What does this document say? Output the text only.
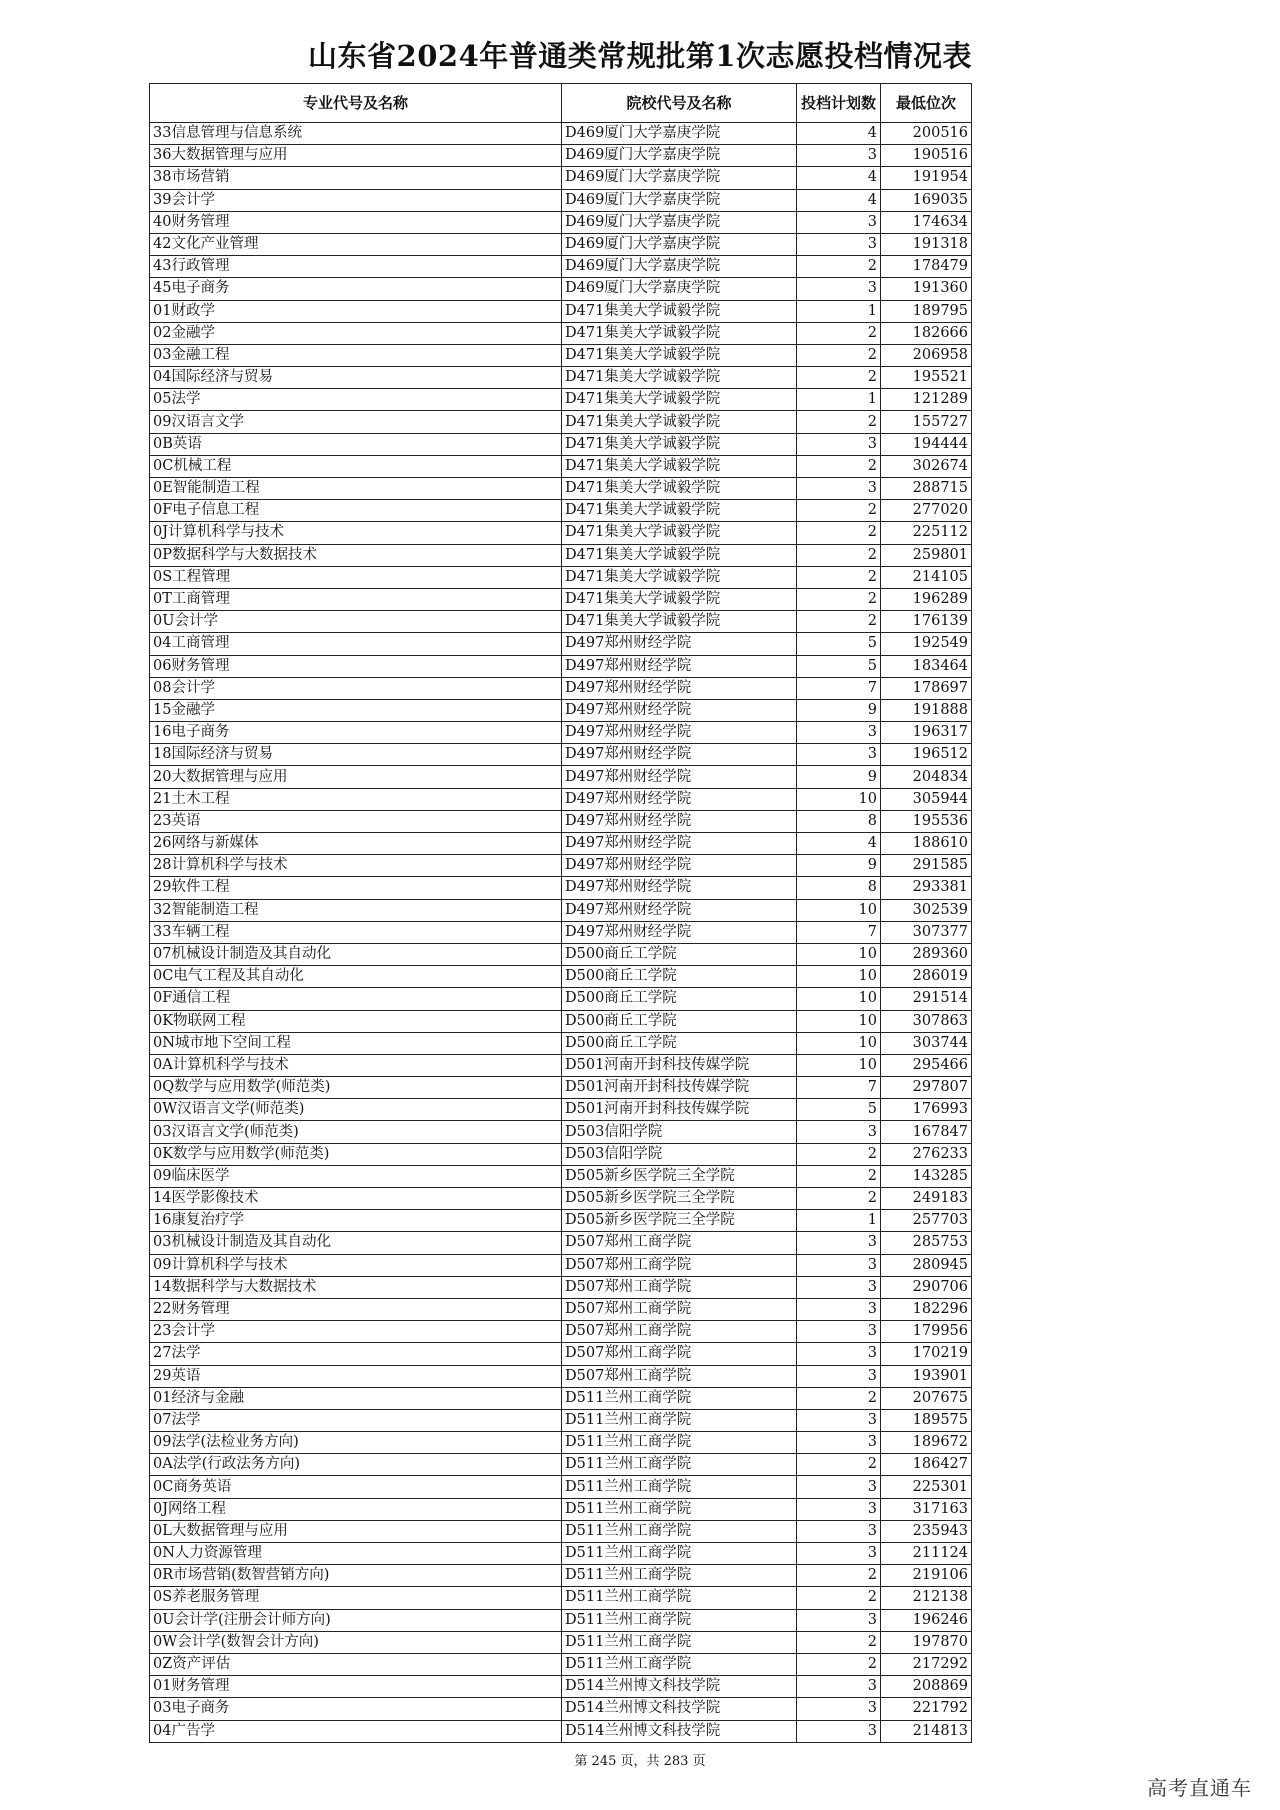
山东省2024年普通类常规批第1次志愿投档情况表
专业代号及名称	院校代号及名称	投档计划数	最低位次
33信息管理与信息系统	D469厦门大学嘉庚学院	4	200516
36大数据管理与应用	D469厦门大学嘉庚学院	3	190516
38市场营销	D469厦门大学嘉庚学院	4	191954
39会计学	D469厦门大学嘉庚学院	4	169035
40财务管理	D469厦门大学嘉庚学院	3	174634
42文化产业管理	D469厦门大学嘉庚学院	3	191318
43行政管理	D469厦门大学嘉庚学院	2	178479
45电子商务	D469厦门大学嘉庚学院	3	191360
01财政学	D471集美大学诚毅学院	1	189795
02金融学	D471集美大学诚毅学院	2	182666
03金融工程	D471集美大学诚毅学院	2	206958
04国际经济与贸易	D471集美大学诚毅学院	2	195521
05法学	D471集美大学诚毅学院	1	121289
09汉语言文学	D471集美大学诚毅学院	2	155727
0B英语	D471集美大学诚毅学院	3	194444
0C机械工程	D471集美大学诚毅学院	2	302674
0E智能制造工程	D471集美大学诚毅学院	3	288715
0F电子信息工程	D471集美大学诚毅学院	2	277020
0J计算机科学与技术	D471集美大学诚毅学院	2	225112
0P数据科学与大数据技术	D471集美大学诚毅学院	2	259801
0S工程管理	D471集美大学诚毅学院	2	214105
0T工商管理	D471集美大学诚毅学院	2	196289
0U会计学	D471集美大学诚毅学院	2	176139
04工商管理	D497郑州财经学院	5	192549
06财务管理	D497郑州财经学院	5	183464
08会计学	D497郑州财经学院	7	178697
15金融学	D497郑州财经学院	9	191888
16电子商务	D497郑州财经学院	3	196317
18国际经济与贸易	D497郑州财经学院	3	196512
20大数据管理与应用	D497郑州财经学院	9	204834
21土木工程	D497郑州财经学院	10	305944
23英语	D497郑州财经学院	8	195536
26网络与新媒体	D497郑州财经学院	4	188610
28计算机科学与技术	D497郑州财经学院	9	291585
29软件工程	D497郑州财经学院	8	293381
32智能制造工程	D497郑州财经学院	10	302539
33车辆工程	D497郑州财经学院	7	307377
07机械设计制造及其自动化	D500商丘工学院	10	289360
0C电气工程及其自动化	D500商丘工学院	10	286019
0F通信工程	D500商丘工学院	10	291514
0K物联网工程	D500商丘工学院	10	307863
0N城市地下空间工程	D500商丘工学院	10	303744
0A计算机科学与技术	D501河南开封科技传媒学院	10	295466
0Q数学与应用数学(师范类)	D501河南开封科技传媒学院	7	297807
0W汉语言文学(师范类)	D501河南开封科技传媒学院	5	176993
03汉语言文学(师范类)	D503信阳学院	3	167847
0K数学与应用数学(师范类)	D503信阳学院	2	276233
09临床医学	D505新乡医学院三全学院	2	143285
14医学影像技术	D505新乡医学院三全学院	2	249183
16康复治疗学	D505新乡医学院三全学院	1	257703
03机械设计制造及其自动化	D507郑州工商学院	3	285753
09计算机科学与技术	D507郑州工商学院	3	280945
14数据科学与大数据技术	D507郑州工商学院	3	290706
22财务管理	D507郑州工商学院	3	182296
23会计学	D507郑州工商学院	3	179956
27法学	D507郑州工商学院	3	170219
29英语	D507郑州工商学院	3	193901
01经济与金融	D511兰州工商学院	2	207675
07法学	D511兰州工商学院	3	189575
09法学(法检业务方向)	D511兰州工商学院	3	189672
0A法学(行政法务方向)	D511兰州工商学院	2	186427
0C商务英语	D511兰州工商学院	3	225301
0J网络工程	D511兰州工商学院	3	317163
0L大数据管理与应用	D511兰州工商学院	3	235943
0N人力资源管理	D511兰州工商学院	3	211124
0R市场营销(数智营销方向)	D511兰州工商学院	2	219106
0S养老服务管理	D511兰州工商学院	2	212138
0U会计学(注册会计师方向)	D511兰州工商学院	3	196246
0W会计学(数智会计方向)	D511兰州工商学院	2	197870
0Z资产评估	D511兰州工商学院	2	217292
01财务管理	D514兰州博文科技学院	3	208869
03电子商务	D514兰州博文科技学院	3	221792
04广告学	D514兰州博文科技学院	3	214813
第 245 页，共 283 页
高考直通车
